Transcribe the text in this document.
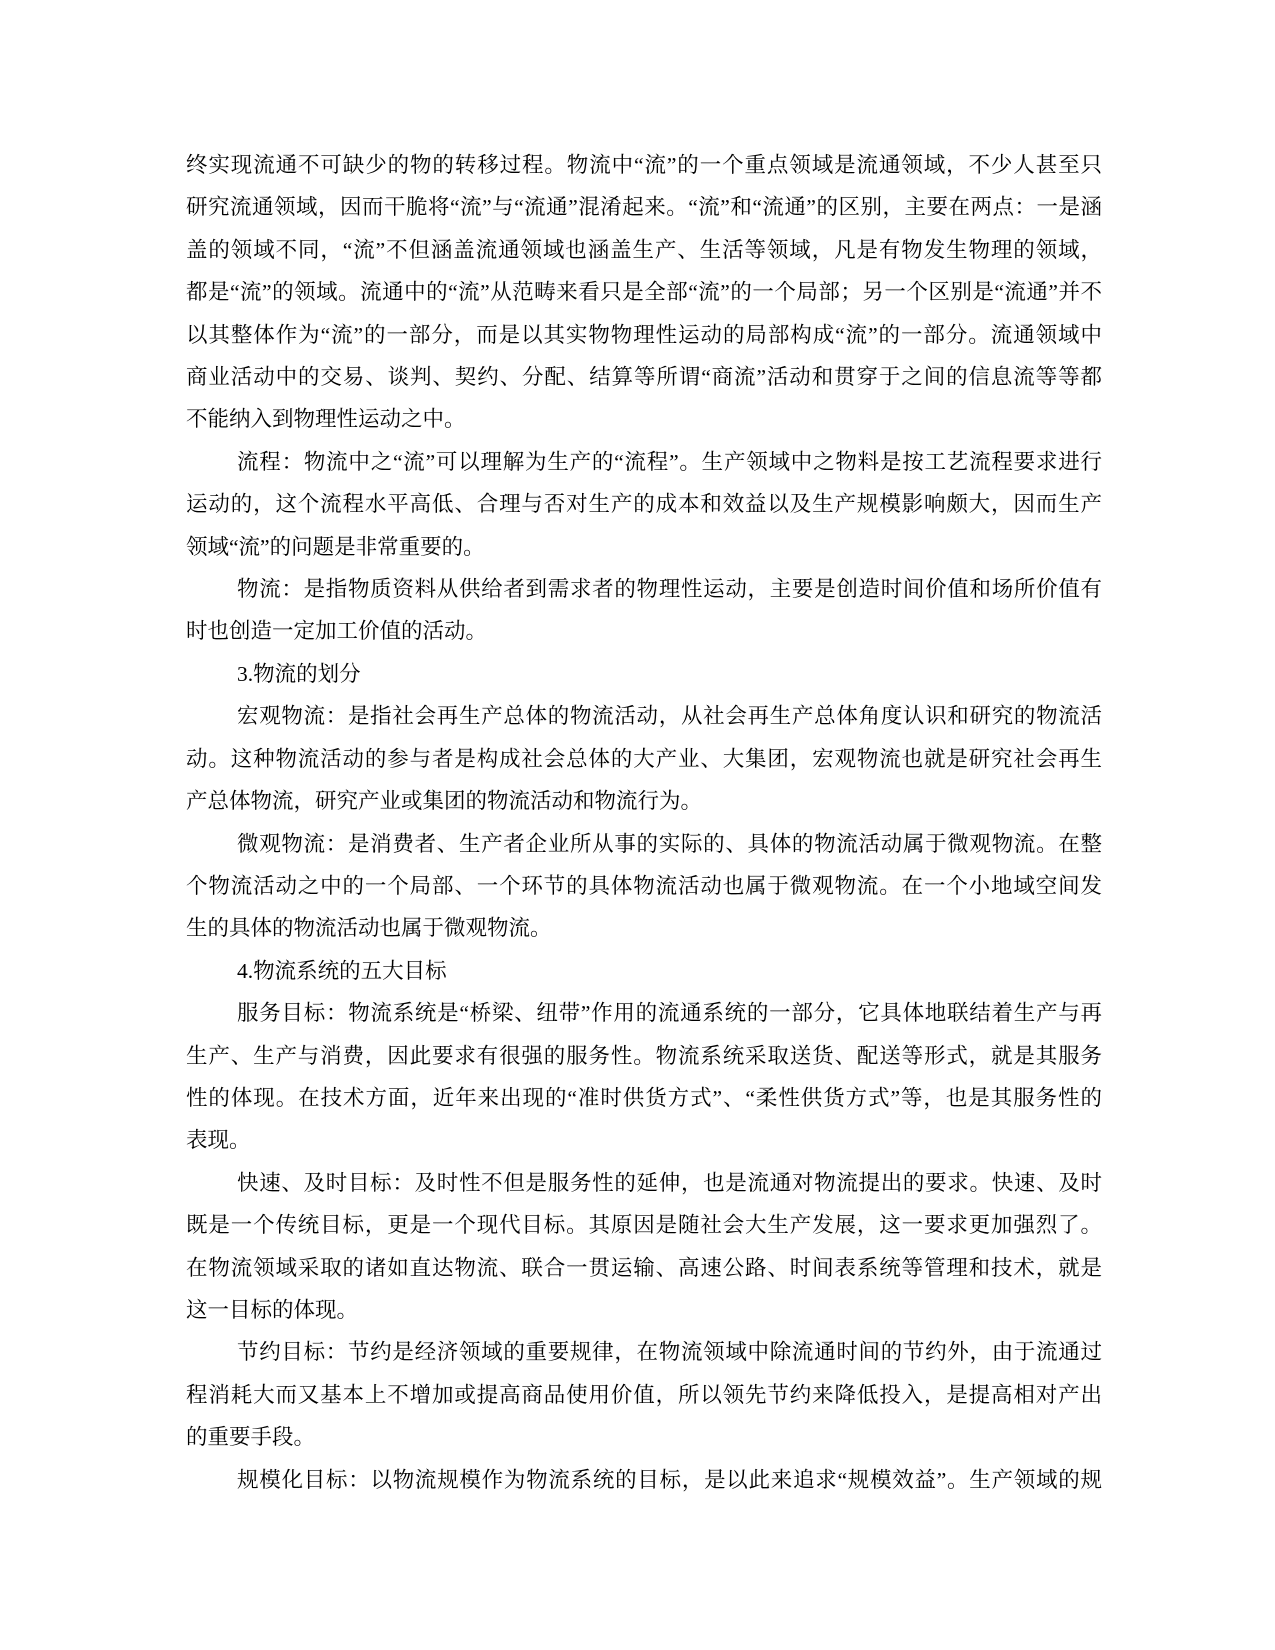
终实现流通不可缺少的物的转移过程。物流中“流”的一个重点领域是流通领域，不少人甚至只
研究流通领域，因而干脆将“流”与“流通”混淆起来。“流”和“流通”的区别，主要在两点：一是涵
盖的领域不同，“流”不但涵盖流通领域也涵盖生产、生活等领域，凡是有物发生物理的领域，
都是“流”的领域。流通中的“流”从范畴来看只是全部“流”的一个局部；另一个区别是“流通”并不
以其整体作为“流”的一部分，而是以其实物物理性运动的局部构成“流”的一部分。流通领域中
商业活动中的交易、谈判、契约、分配、结算等所谓“商流”活动和贯穿于之间的信息流等等都
不能纳入到物理性运动之中。

流程：物流中之“流”可以理解为生产的“流程”。生产领域中之物料是按工艺流程要求进行
运动的，这个流程水平高低、合理与否对生产的成本和效益以及生产规模影响颇大，因而生产
领域“流”的问题是非常重要的。

物流：是指物质资料从供给者到需求者的物理性运动，主要是创造时间价值和场所价值有
时也创造一定加工价值的活动。

3.物流的划分

宏观物流：是指社会再生产总体的物流活动，从社会再生产总体角度认识和研究的物流活
动。这种物流活动的参与者是构成社会总体的大产业、大集团，宏观物流也就是研究社会再生
产总体物流，研究产业或集团的物流活动和物流行为。

微观物流：是消费者、生产者企业所从事的实际的、具体的物流活动属于微观物流。在整
个物流活动之中的一个局部、一个环节的具体物流活动也属于微观物流。在一个小地域空间发
生的具体的物流活动也属于微观物流。

4.物流系统的五大目标

服务目标：物流系统是“桥梁、纽带”作用的流通系统的一部分，它具体地联结着生产与再
生产、生产与消费，因此要求有很强的服务性。物流系统采取送货、配送等形式，就是其服务
性的体现。在技术方面，近年来出现的“准时供货方式”、“柔性供货方式”等，也是其服务性的
表现。

快速、及时目标：及时性不但是服务性的延伸，也是流通对物流提出的要求。快速、及时
既是一个传统目标，更是一个现代目标。其原因是随社会大生产发展，这一要求更加强烈了。
在物流领域采取的诸如直达物流、联合一贯运输、高速公路、时间表系统等管理和技术，就是
这一目标的体现。

节约目标：节约是经济领域的重要规律，在物流领域中除流通时间的节约外，由于流通过
程消耗大而又基本上不增加或提高商品使用价值，所以领先节约来降低投入，是提高相对产出
的重要手段。

规模化目标：以物流规模作为物流系统的目标，是以此来追求“规模效益”。生产领域的规
